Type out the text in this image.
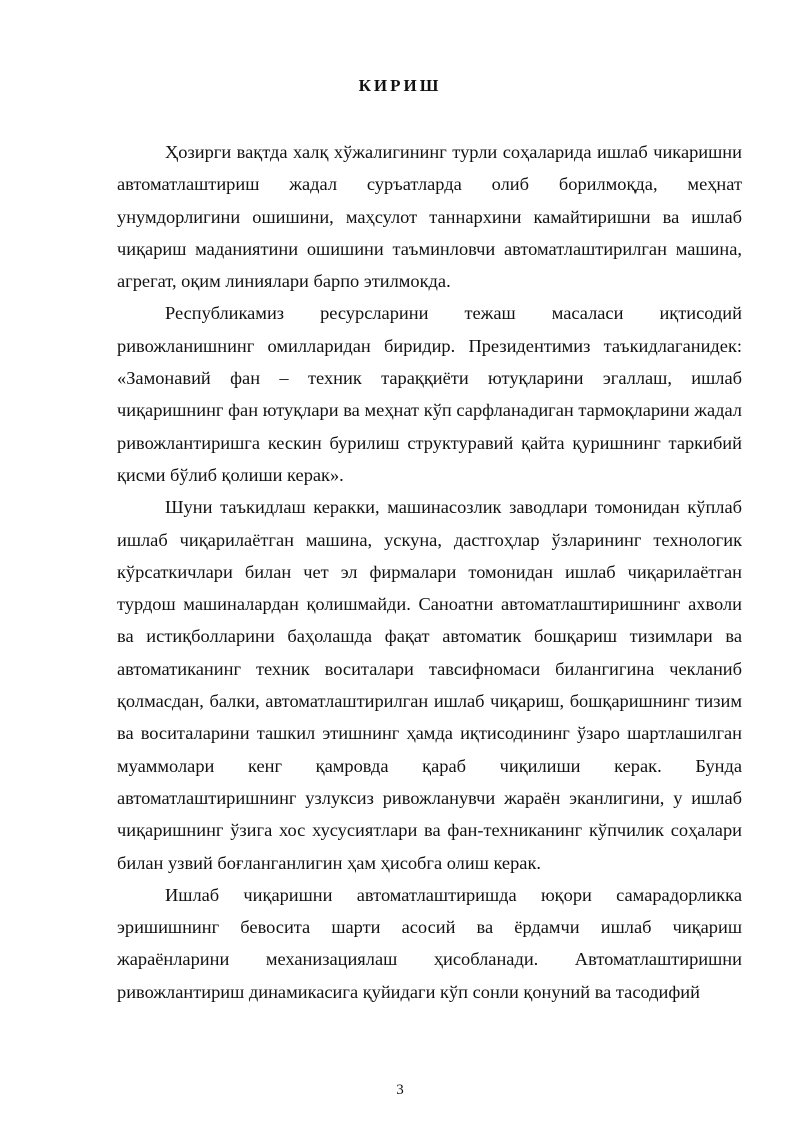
КИРИШ

Ҳозирги вақтда халқ хўжалигининг турли соҳаларида ишлаб чикаришни автоматлаштириш жадал суръатларда олиб борилмоқда, меҳнат унумдорлигини ошишини, маҳсулот таннархини камайтиришни ва ишлаб чиқариш маданиятини ошишини таъминловчи автоматлаштирилган машина, агрегат, оқим линиялари барпо этилмокда.

Республикамиз ресурсларини тежаш масаласи иқтисодий ривожланишнинг омилларидан биридир. Президентимиз таъкидлаганидек: «Замонавий фан – техник тараққиёти ютуқларини эгаллаш, ишлаб чиқаришнинг фан ютуқлари ва меҳнат кўп сарфланадиган тармоқларини жадал ривожлантиришга кескин бурилиш структуравий қайта қуришнинг таркибий қисми бўлиб қолиши керак».

Шуни таъкидлаш керакки, машинасозлик заводлари томонидан кўплаб ишлаб чиқарилаётган машина, ускуна, дастгоҳлар ўзларининг технологик кўрсаткичлари билан чет эл фирмалари томонидан ишлаб чиқарилаётган турдош машиналардан қолишмайди. Саноатни автоматлаштиришнинг ахволи ва истиқболларини баҳолашда фақат автоматик бошқариш тизимлари ва автоматиканинг техник воситалари тавсифномаси билангигина чекланиб қолмасдан, балки, автоматлаштирилган ишлаб чиқариш, бошқаришнинг тизим ва воситаларини ташкил этишнинг ҳамда иқтисодининг ўзаро шартлашилган муаммолари кенг қамровда қараб чиқилиши керак. Бунда автоматлаштиришнинг узлуксиз ривожланувчи жараён эканлигини, у ишлаб чиқаришнинг ўзига хос хусусиятлари ва фан-техниканинг кўпчилик соҳалари билан узвий боғланганлигин ҳам ҳисобга олиш керак.

Ишлаб чиқаришни автоматлаштиришда юқори самарадорликка эришишнинг бевосита шарти асосий ва ёрдамчи ишлаб чиқариш жараёнларини механизациялаш ҳисобланади. Автоматлаштиришни ривожлантириш динамикасига қуйидаги кўп сонли қонуний ва тасодифий

3
